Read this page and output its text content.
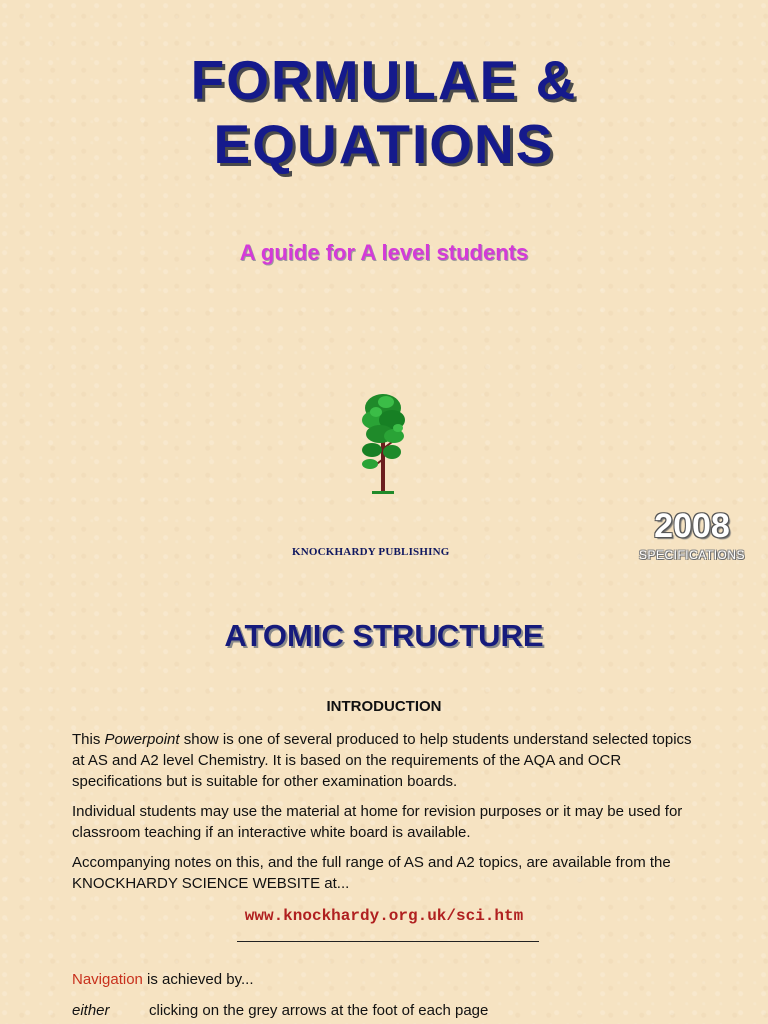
FORMULAE &
EQUATIONS

A guide for A level students

KNOCKHARDY PUBLISHING

2008

SPECIFICATIONS

ATOMIC STRUCTURE
INTRODUCTION

This Powerpoint show is one of several produced to help students understand selected topics at AS and A2 level Chemistry. It is based on the requirements of the AQA and OCR specifications but is suitable for other examination boards.

Individual students may use the material at home for revision purposes or it may be used for classroom teaching if an interactive white board is available.

Accompanying notes on this, and the full range of AS and A2 topics, are available from the KNOCKHARDY SCIENCE WEBSITE at...

www.knockhardy.org.uk/sci.htm

Navigation is achieved by...

either	clicking on the grey arrows at the foot of each page
